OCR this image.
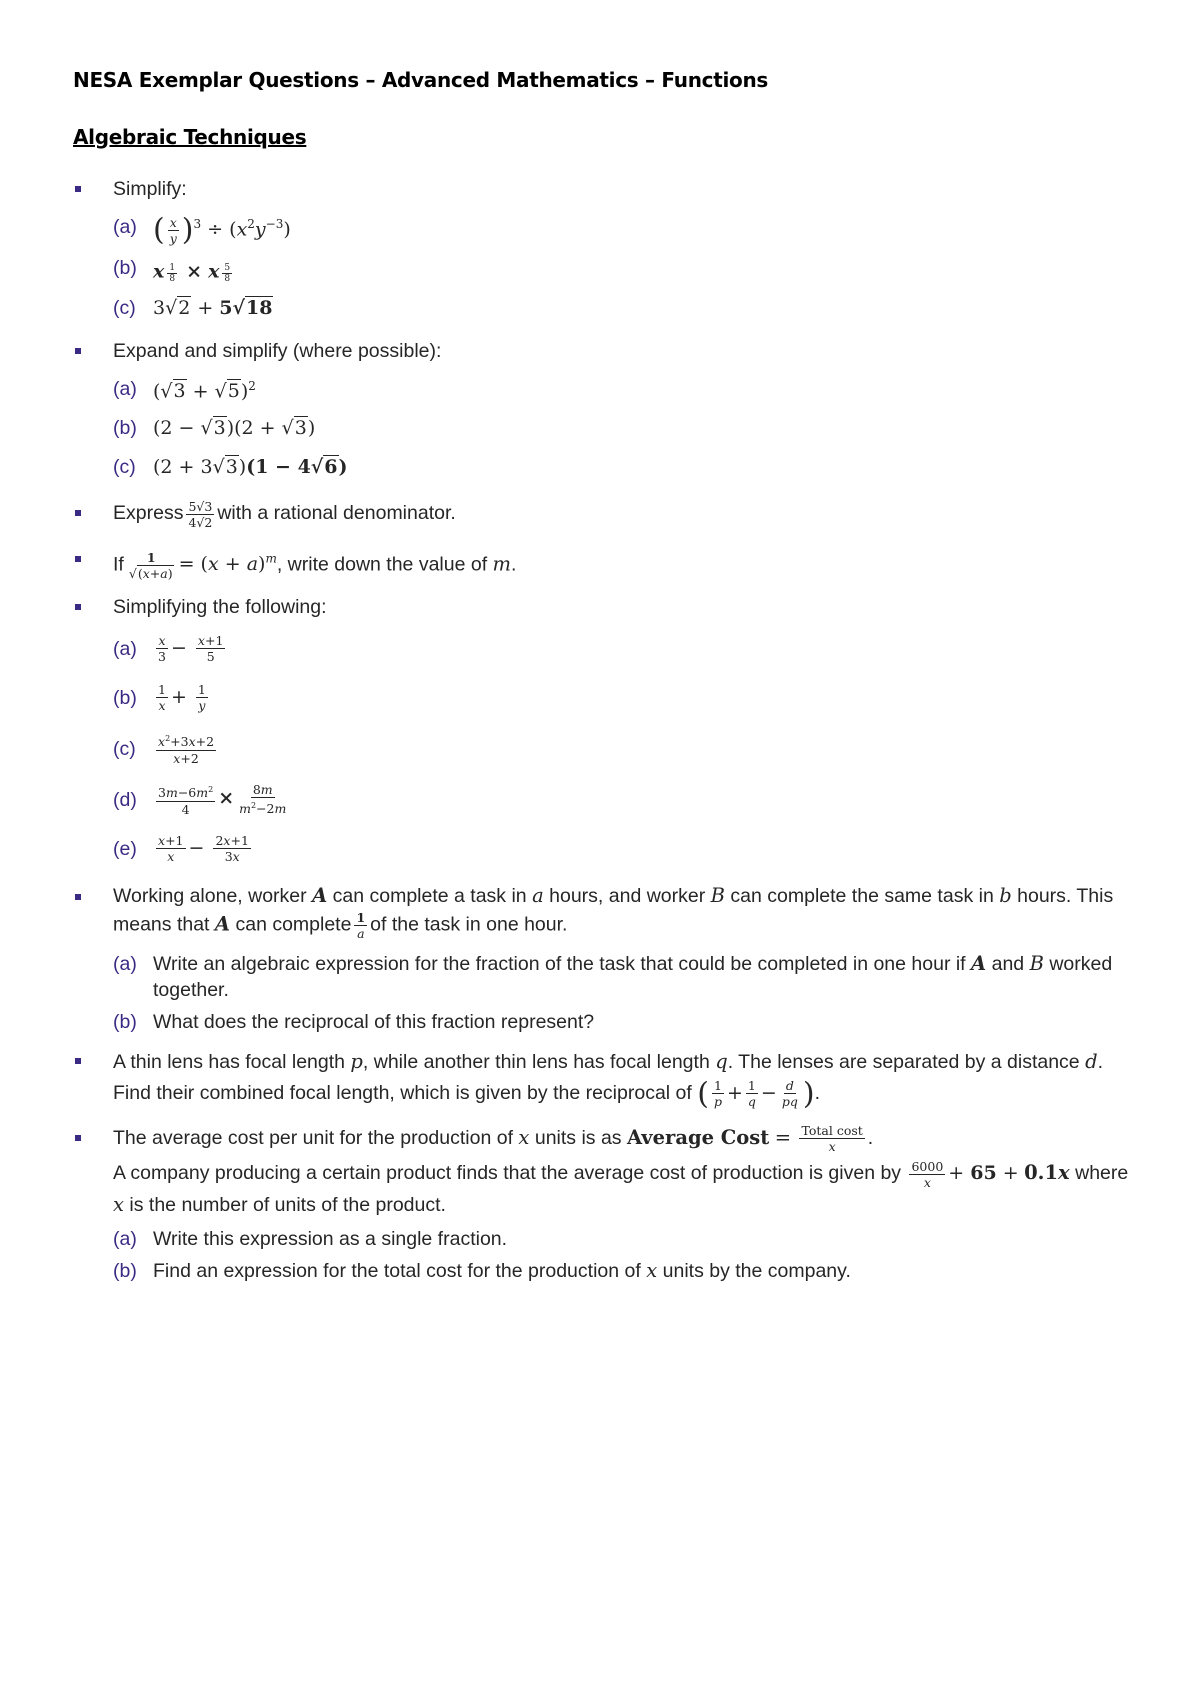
NESA Exemplar Questions – Advanced Mathematics – Functions
Algebraic Techniques
Simplify:
(a) ( $\frac{x}{y} )^3 \div (x^2y^{-3})$
(b) x $^{\frac{1}{8}}$ × x $^{\frac{5}{8}}$
(c) 3√2 + 5√18
Expand and simplify (where possible):
(a) $(√3 + √5)^2$
(b) (2 − √3)(2 + √3)
(c) (2 + 3√3)(1 − 4√6)
Express $\frac{5√3}{4√2}$ with a rational denominator.
If $\frac{1}{√(x+a)} = (x + a)^m$, write down the value of m.
Simplifying the following:
(a)	$\frac{x}{3} - \frac{x+1}{5}$
(b)	$\frac{1}{x} + \frac{1}{y}$
(c)	$\frac{x^2+3x+2}{x+2}$
(d)	$\frac{3m-6m^2}{4} \times \frac{8m}{m^2-2m}$
(e)	$\frac{x+1}{x} - \frac{2x+1}{3x}$
Working alone, worker A can complete a task in a hours, and worker B can complete the same task in b hours. This means that A can complete $\frac{1}{a}$ of the task in one hour.
(a) Write an algebraic expression for the fraction of the task that could be completed in one hour if A and B worked together.
(b) What does the reciprocal of this fraction represent?
A thin lens has focal length p, while another thin lens has focal length q. The lenses are separated by a distance d. Find their combined focal length, which is given by the reciprocal of ( $\frac{1}{p} + \frac{1}{q} - \frac{d}{pq}$ ).
The average cost per unit for the production of x units is as Average Cost = $\frac{\text{Total cost}}{x}$ .
A company producing a certain product finds that the average cost of production is given by $\frac{6000}{x} + 65 + 0.1x$ where x is the number of units of the product.
(a) Write this expression as a single fraction.
(b) Find an expression for the total cost for the production of x units by the company.
